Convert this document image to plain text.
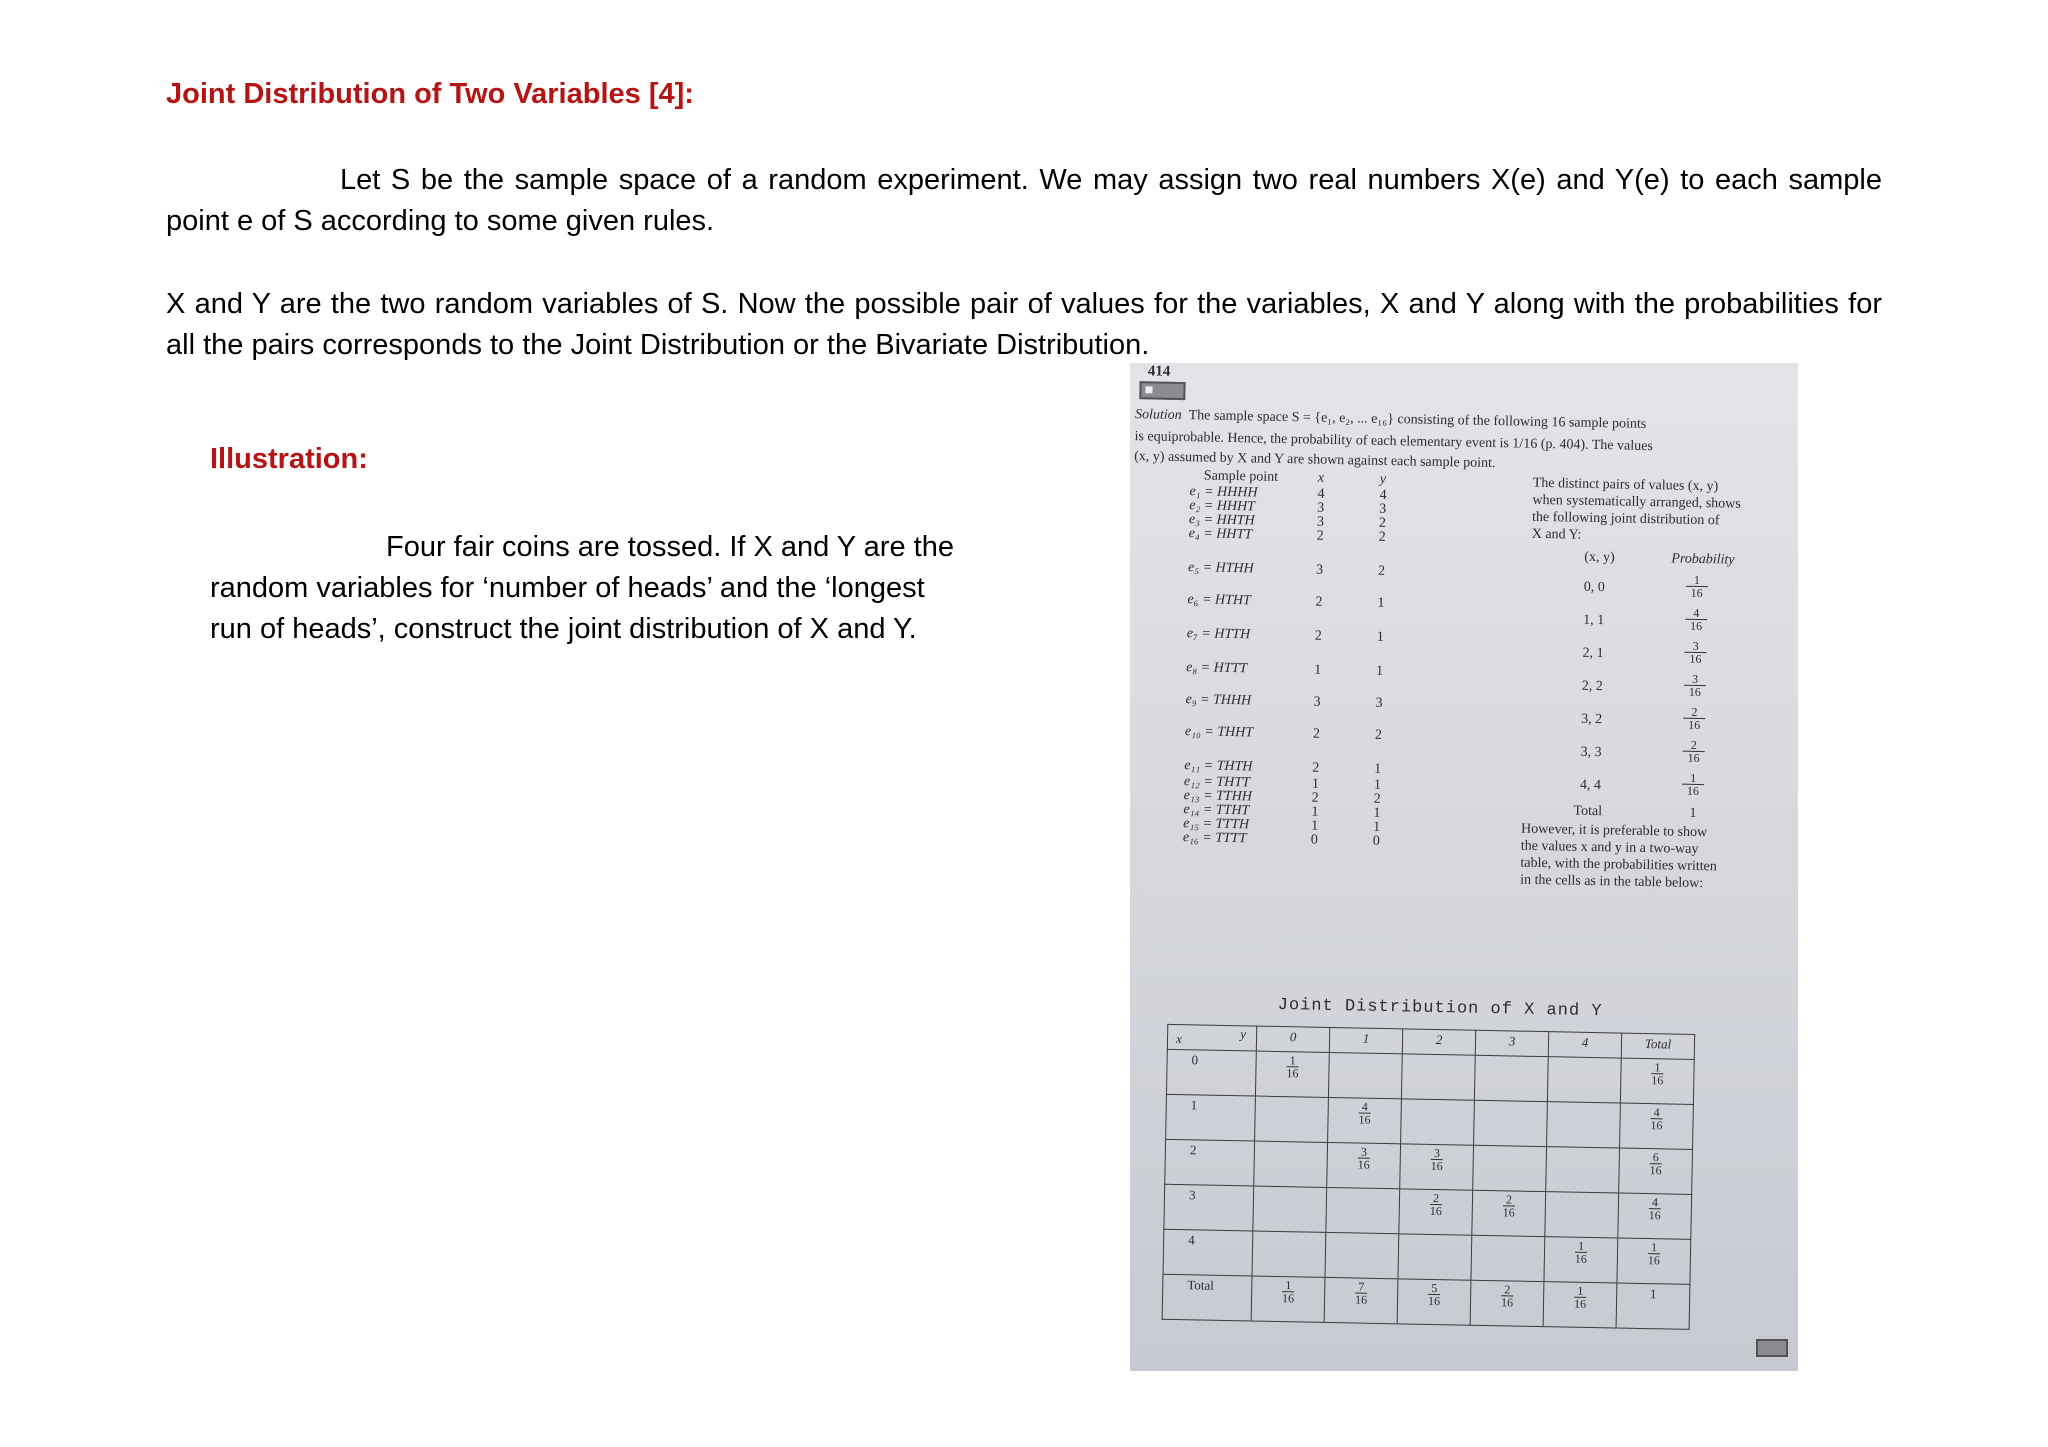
Joint Distribution of Two Variables [4]:
Let S be the sample space of a random experiment. We may assign two real numbers X(e) and Y(e) to each sample point e of S according to some given rules.
X and Y are the two random variables of S. Now the possible pair of values for the variables, X and Y along with the probabilities for all the pairs corresponds to the Joint Distribution or the Bivariate Distribution.
Illustration:
Four fair coins are tossed. If X and Y are the random variables for ‘number of heads’ and the ‘longest run of heads’, construct the joint distribution of X and Y.
414
Solution The sample space S = {e₁, e₂, ... e₁₆} consisting of the following 16 sample points
is equiprobable. Hence, the probability of each elementary event is 1/16 (p. 404). The values
(x, y) assumed by X and Y are shown against each sample point.
Sample point	x	y
e₁ = HHHH	4	4
e₂ = HHHT	3	3
e₃ = HHTH	3	2
e₄ = HHTT	2	2
e₅ = HTHH	3	2
e₆ = HTHT	2	1
e₇ = HTTH	2	1
e₈ = HTTT	1	1
e₉ = THHH	3	3
e₁₀ = THHT	2	2
e₁₁ = THTH	2	1
e₁₂ = THTT	1	1
e₁₃ = TTHH	2	2
e₁₄ = TTHT	1	1
e₁₅ = TTTH	1	1
e₁₆ = TTTT	0	0
The distinct pairs of values (x, y)
when systematically arranged, shows
the following joint distribution of
X and Y:
(x, y)	Probability
0, 0	$\frac{1}{16}$
1, 1	$\frac{4}{16}$
2, 1	$\frac{3}{16}$
2, 2	$\frac{3}{16}$
3, 2	$\frac{2}{16}$
3, 3	$\frac{2}{16}$
4, 4	$\frac{1}{16}$
Total	1
However, it is preferable to show
the values x and y in a two-way
table, with the probabilities written
in the cells as in the table below:
Joint Distribution of X and Y
x y	0	1	2	3	4	Total
0	$\frac{1}{16}$					$\frac{1}{16}$

1		$\frac{4}{16}$				$\frac{4}{16}$

2		$\frac{3}{16}$	$\frac{3}{16}$			$\frac{6}{16}$

3			$\frac{2}{16}$	$\frac{2}{16}$		$\frac{4}{16}$

4					$\frac{1}{16}$	$\frac{1}{16}$

Total	$\frac{1}{16}$	$\frac{7}{16}$	$\frac{5}{16}$	$\frac{2}{16}$	$\frac{1}{16}$	1
